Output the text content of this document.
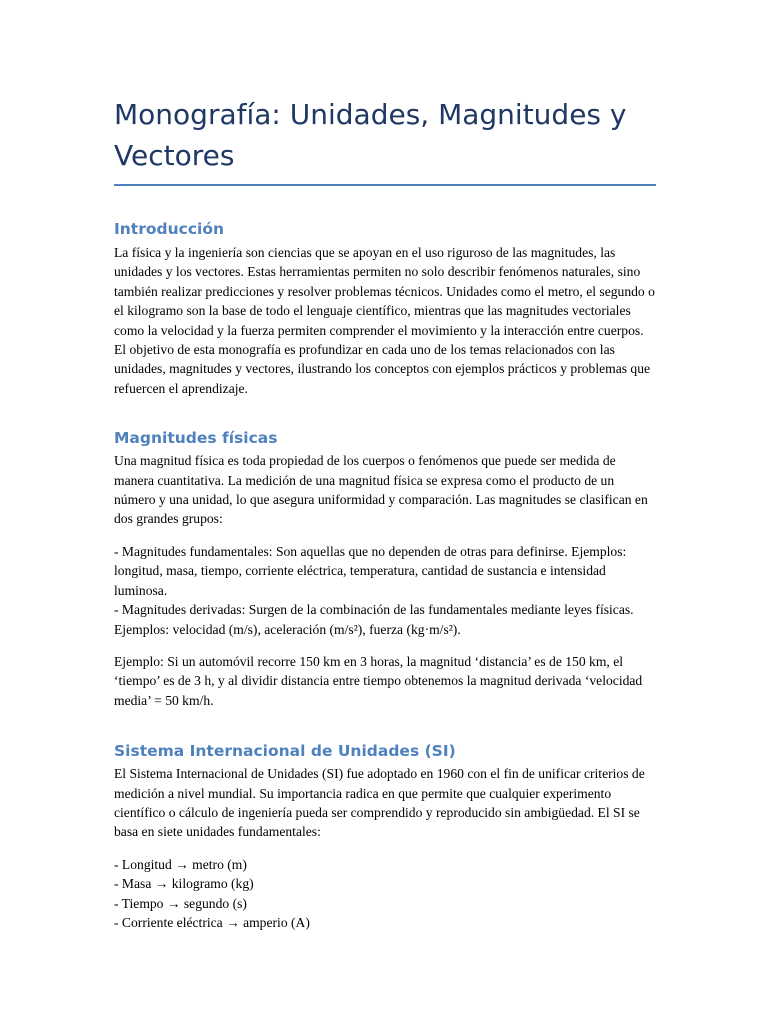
Monografía: Unidades, Magnitudes y Vectores
Introducción

La física y la ingeniería son ciencias que se apoyan en el uso riguroso de las magnitudes, las unidades y los vectores. Estas herramientas permiten no solo describir fenómenos naturales, sino también realizar predicciones y resolver problemas técnicos. Unidades como el metro, el segundo o el kilogramo son la base de todo el lenguaje científico, mientras que las magnitudes vectoriales como la velocidad y la fuerza permiten comprender el movimiento y la interacción entre cuerpos. El objetivo de esta monografía es profundizar en cada uno de los temas relacionados con las unidades, magnitudes y vectores, ilustrando los conceptos con ejemplos prácticos y problemas que refuercen el aprendizaje.

Magnitudes físicas

Una magnitud física es toda propiedad de los cuerpos o fenómenos que puede ser medida de manera cuantitativa. La medición de una magnitud física se expresa como el producto de un número y una unidad, lo que asegura uniformidad y comparación. Las magnitudes se clasifican en dos grandes grupos:

- Magnitudes fundamentales: Son aquellas que no dependen de otras para definirse. Ejemplos: longitud, masa, tiempo, corriente eléctrica, temperatura, cantidad de sustancia e intensidad luminosa.

- Magnitudes derivadas: Surgen de la combinación de las fundamentales mediante leyes físicas. Ejemplos: velocidad (m/s), aceleración (m/s²), fuerza (kg·m/s²).

Ejemplo: Si un automóvil recorre 150 km en 3 horas, la magnitud ‘distancia’ es de 150 km, el ‘tiempo’ es de 3 h, y al dividir distancia entre tiempo obtenemos la magnitud derivada ‘velocidad media’ = 50 km/h.

Sistema Internacional de Unidades (SI)

El Sistema Internacional de Unidades (SI) fue adoptado en 1960 con el fin de unificar criterios de medición a nivel mundial. Su importancia radica en que permite que cualquier experimento científico o cálculo de ingeniería pueda ser comprendido y reproducido sin ambigüedad. El SI se basa en siete unidades fundamentales:

- Longitud → metro (m)

- Masa → kilogramo (kg)

- Tiempo → segundo (s)

- Corriente eléctrica → amperio (A)
